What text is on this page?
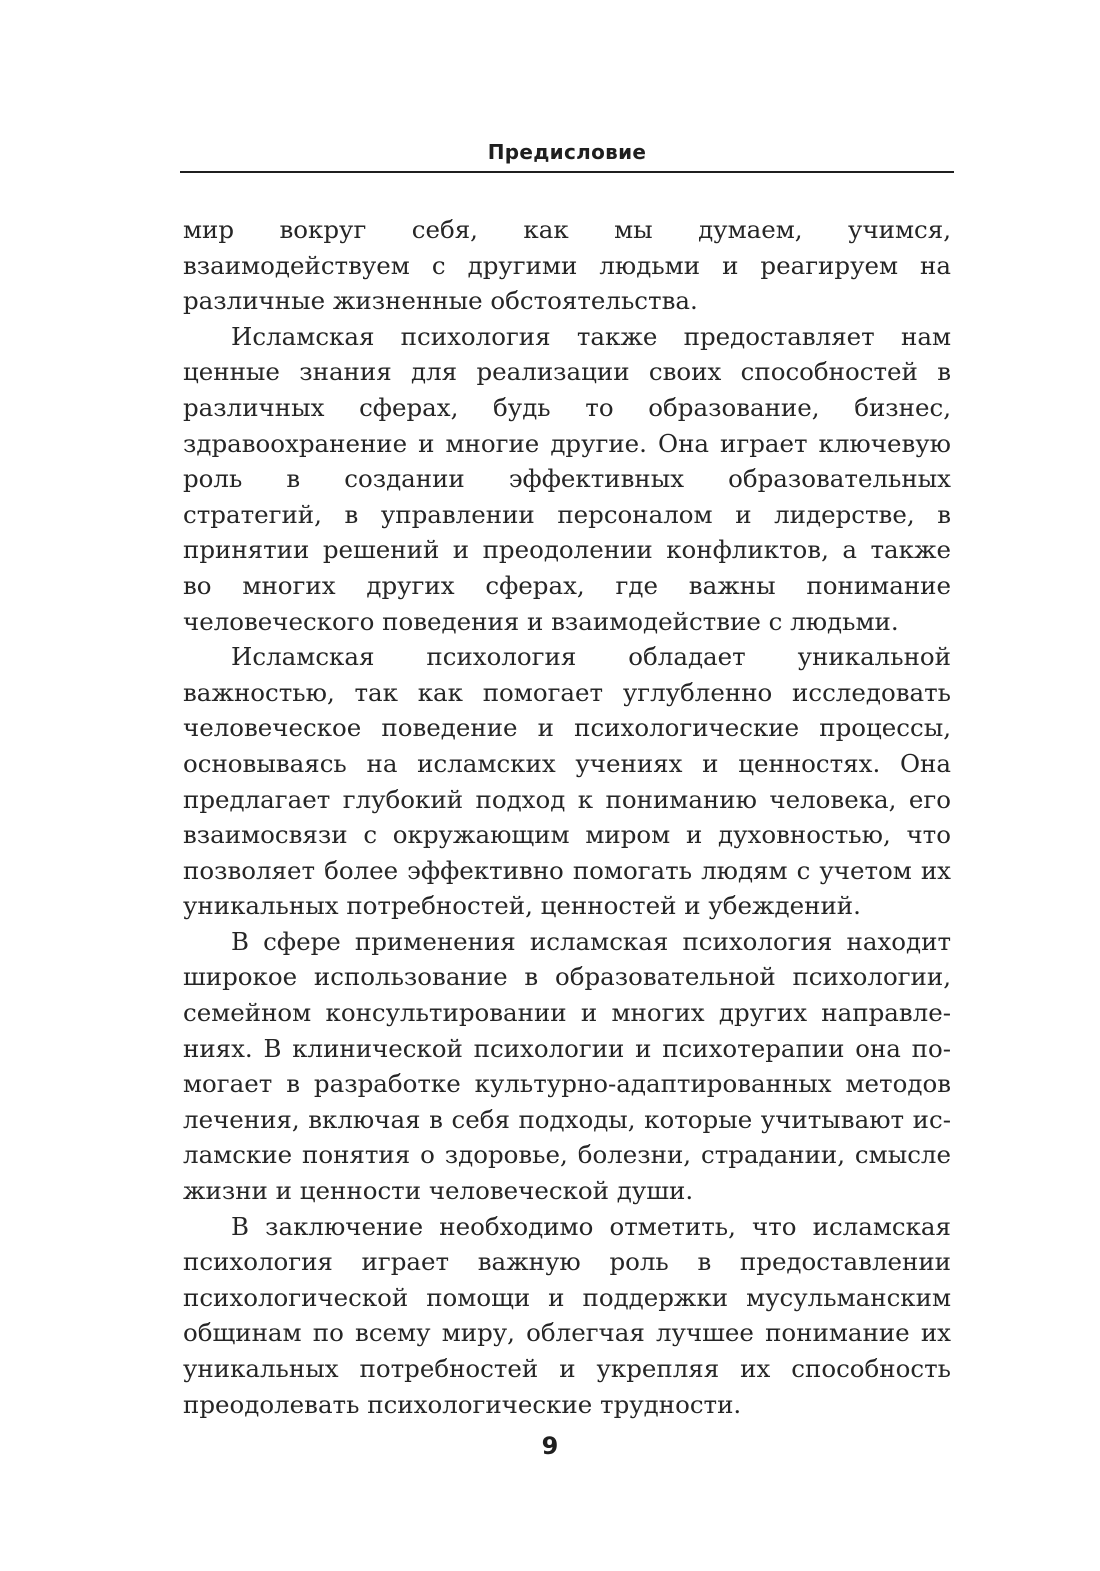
Предисловие

мир вокруг себя, как мы думаем, учимся, взаимодействуем с другими людьми и реагируем на различные жизненные обстоятельства.

Исламская психология также предоставляет нам ценные знания для реализации своих способностей в различных сферах, будь то образование, бизнес, здравоохранение и многие другие. Она играет ключевую роль в создании эффективных образовательных стратегий, в управлении персоналом и лидерстве, в принятии решений и преодолении конфликтов, а также во многих других сферах, где важны понимание человеческого поведения и взаимодействие с людьми.

Исламская психология обладает уникальной важностью, так как помогает углубленно исследовать человеческое поведение и психологические процессы, основываясь на исламских учениях и ценностях. Она предлагает глубокий подход к пониманию человека, его взаимосвязи с окружающим миром и духовностью, что позволяет более эффективно помогать людям с учетом их уникальных потребностей, ценностей и убеждений.

В сфере применения исламская психология находит широкое использование в образовательной психологии, семейном консультировании и многих других направлениях. В клинической психологии и психотерапии она помогает в разработке культурно-адаптированных методов лечения, включая в себя подходы, которые учитывают исламские понятия о здоровье, болезни, страдании, смысле жизни и ценности человеческой души.

В заключение необходимо отметить, что исламская психология играет важную роль в предоставлении психологической помощи и поддержки мусульманским общинам по всему миру, облегчая лучшее понимание их уникальных потребностей и укрепляя их способность преодолевать психологические трудности.

9
